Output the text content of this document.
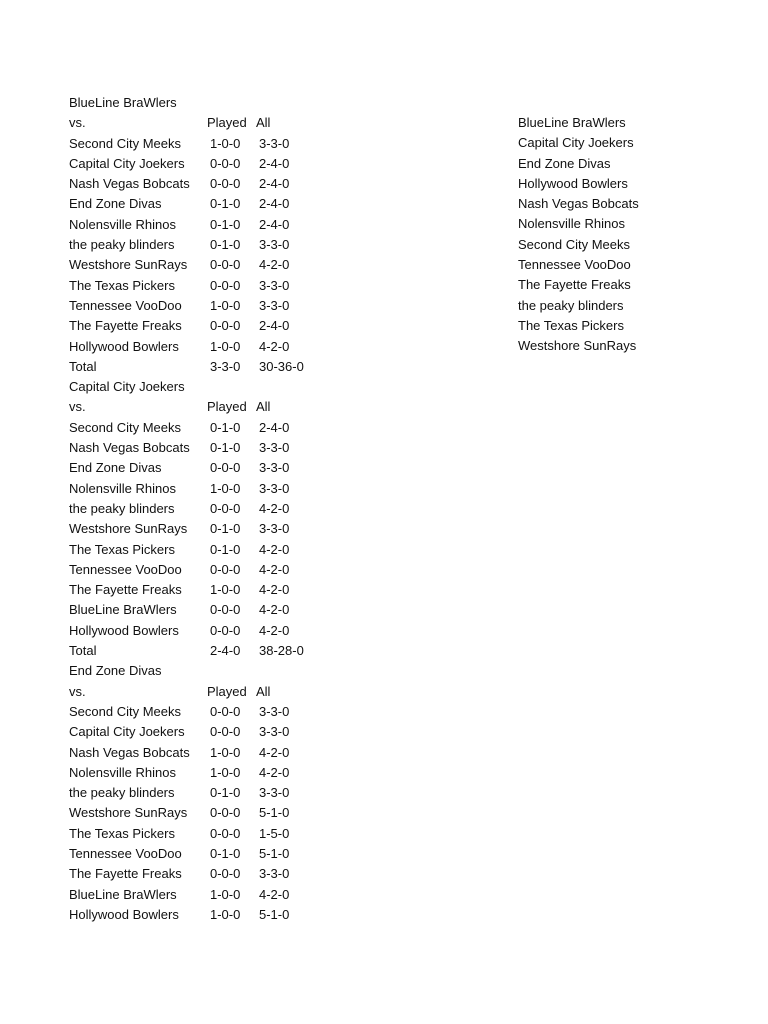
BlueLine BraWlers
vs.	Played All
Second City Meeks 1-0-0 3-3-0
Capital City Joekers 0-0-0 2-4-0
Nash Vegas Bobcats 0-0-0 2-4-0
End Zone Divas	0-1-0 2-4-0
Nolensville Rhinos	0-1-0 2-4-0
the peaky blinders	0-1-0 3-3-0
Westshore SunRays 0-0-0 4-2-0
The Texas Pickers	0-0-0 3-3-0
Tennessee VooDoo 1-0-0 3-3-0
The Fayette Freaks 0-0-0 2-4-0
Hollywood Bowlers 1-0-0 4-2-0
Total	3-3-0 30-36-0
Capital City Joekers
vs.	Played All
Second City Meeks 0-1-0 2-4-0
Nash Vegas Bobcats 0-1-0 3-3-0
End Zone Divas	0-0-0 3-3-0
Nolensville Rhinos	1-0-0 3-3-0
the peaky blinders	0-0-0 4-2-0
Westshore SunRays 0-1-0 3-3-0
The Texas Pickers	0-1-0 4-2-0
Tennessee VooDoo 0-0-0 4-2-0
The Fayette Freaks 1-0-0 4-2-0
BlueLine BraWlers	0-0-0 4-2-0
Hollywood Bowlers 0-0-0 4-2-0
Total	2-4-0 38-28-0
End Zone Divas
vs.	Played All
Second City Meeks 0-0-0 3-3-0
Capital City Joekers 0-0-0 3-3-0
Nash Vegas Bobcats 1-0-0 4-2-0
Nolensville Rhinos	1-0-0 4-2-0
the peaky blinders	0-1-0 3-3-0
Westshore SunRays 0-0-0 5-1-0
The Texas Pickers	0-0-0 1-5-0
Tennessee VooDoo 0-1-0 5-1-0
The Fayette Freaks 0-0-0 3-3-0
BlueLine BraWlers	1-0-0 4-2-0
Hollywood Bowlers 1-0-0 5-1-0
BlueLine BraWlers
Capital City Joekers
End Zone Divas
Hollywood Bowlers
Nash Vegas Bobcats
Nolensville Rhinos
Second City Meeks
Tennessee VooDoo
The Fayette Freaks
the peaky blinders
The Texas Pickers
Westshore SunRays
